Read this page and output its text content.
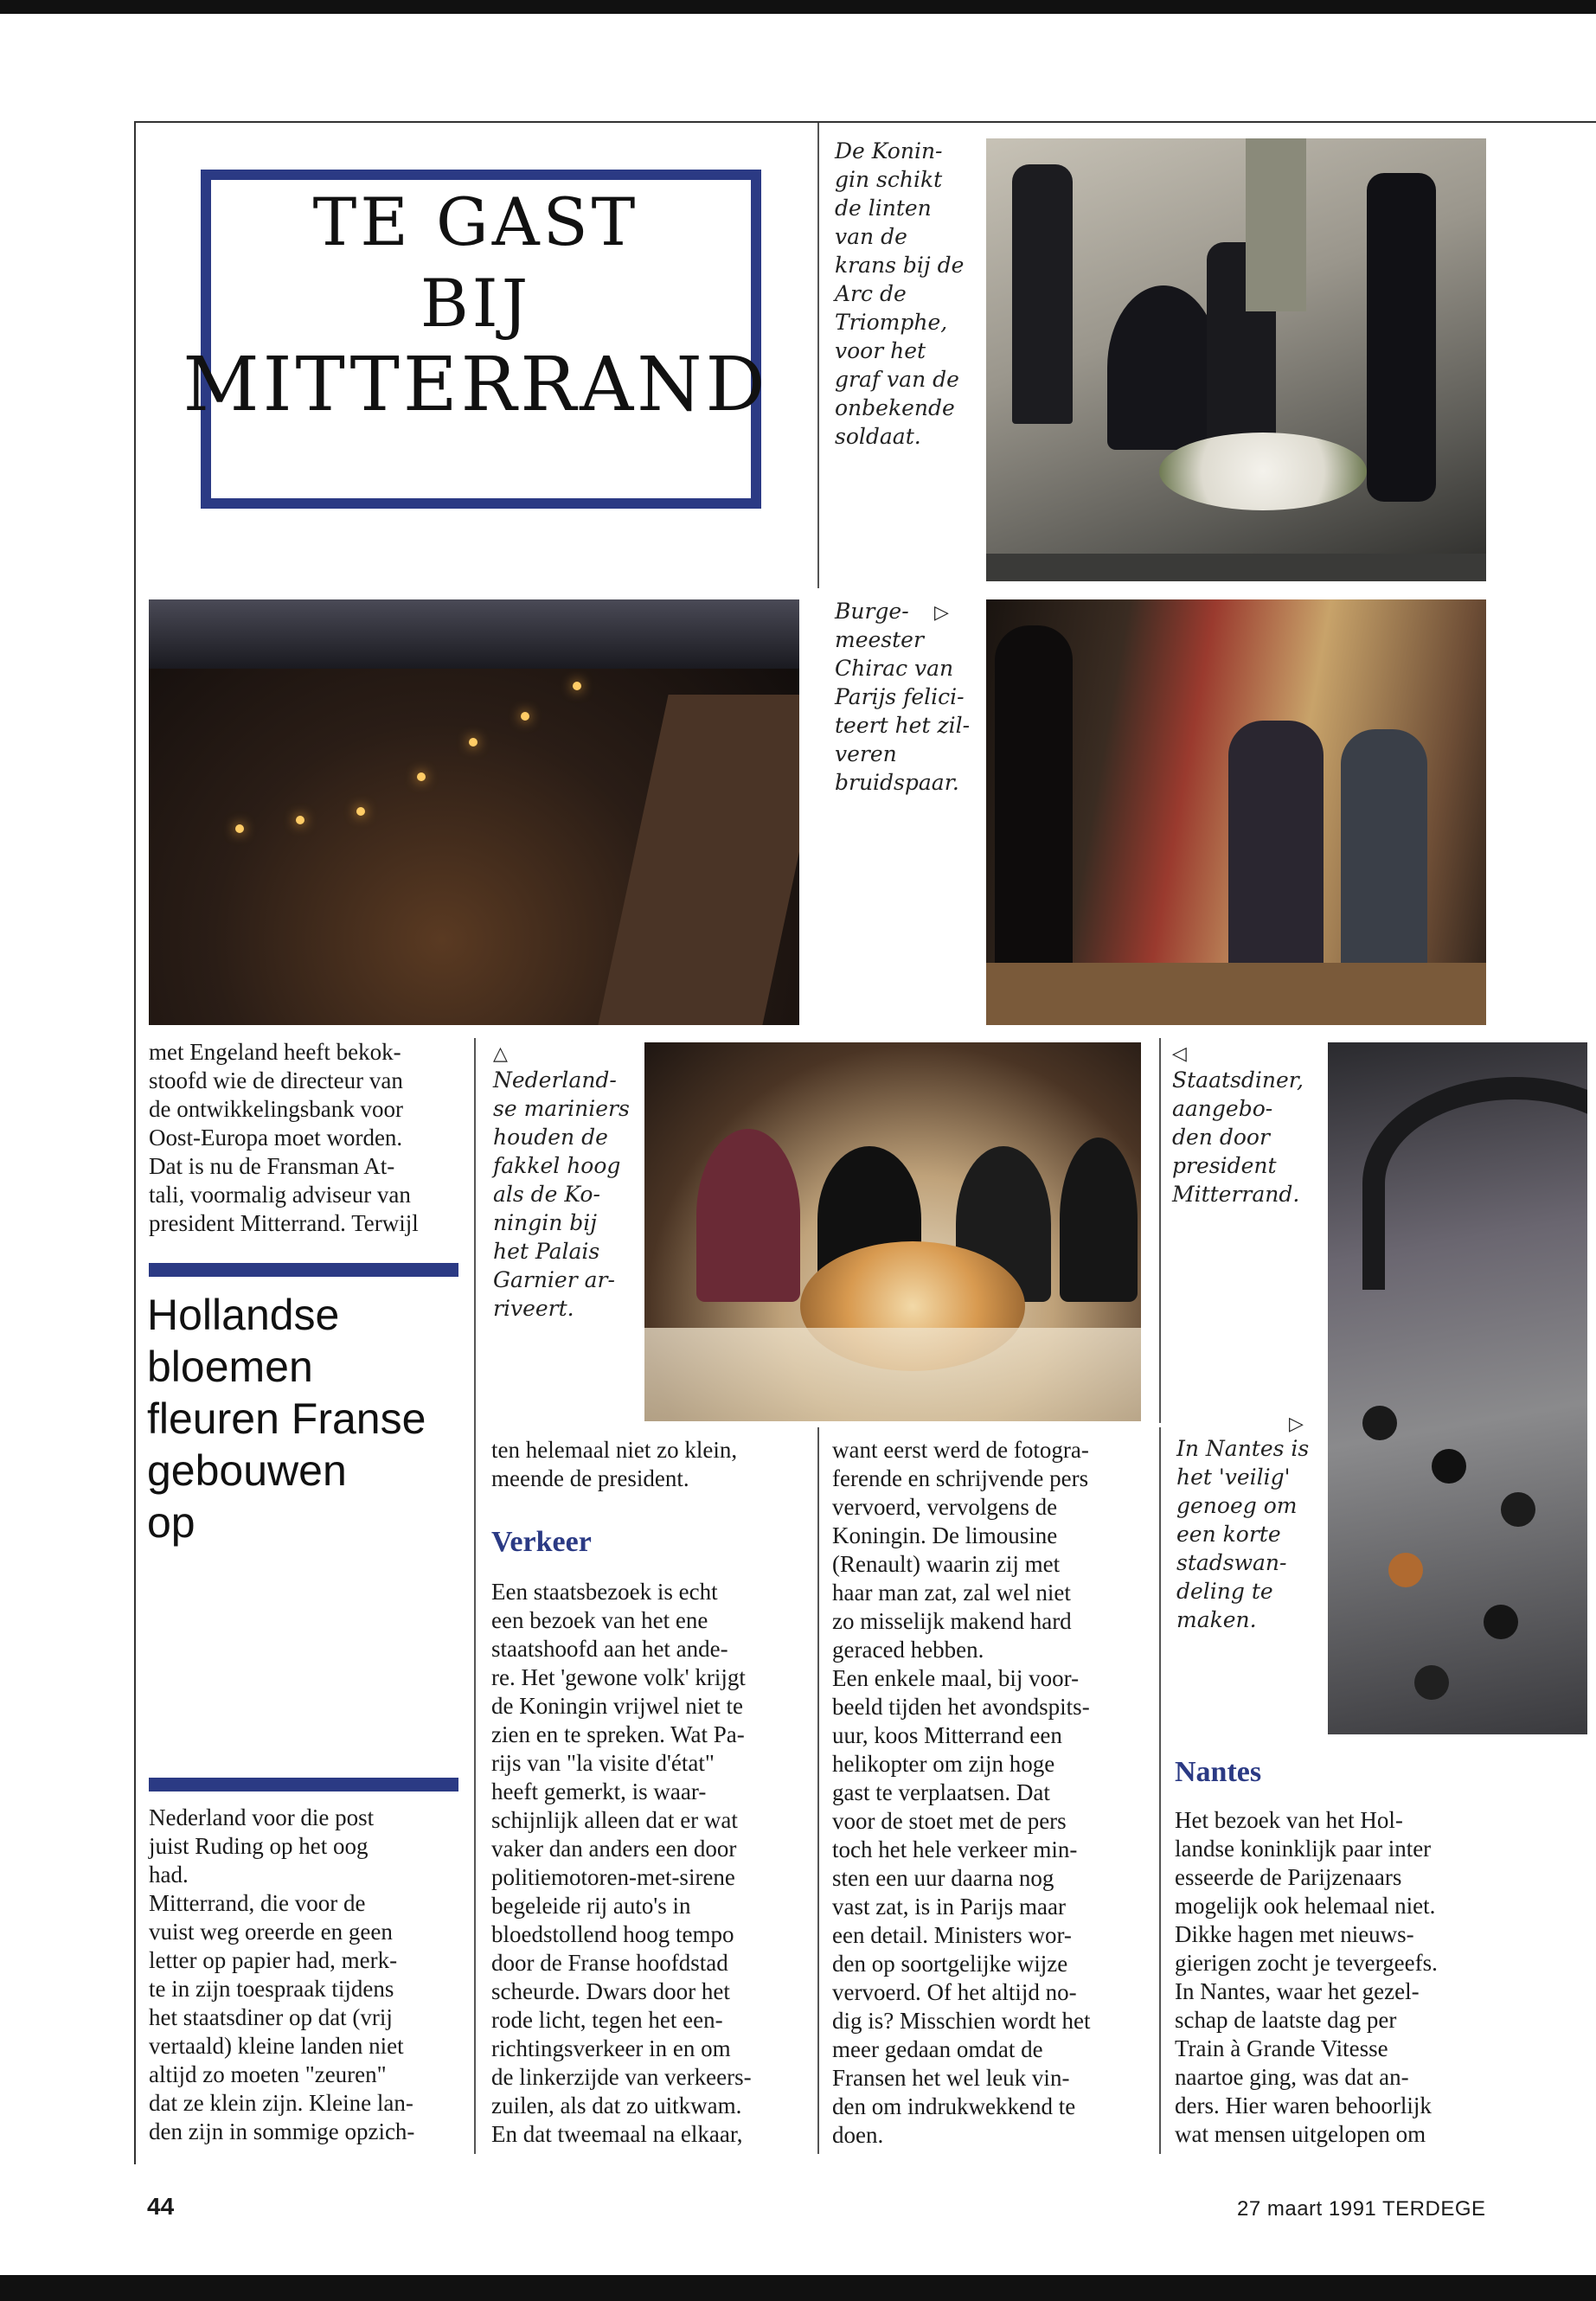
TE GAST
BIJ
MITTERRAND
De Konin-
gin schikt
de linten
van de
krans bij de
Arc de
Triomphe,
voor het
graf van de
onbekende
soldaat.
Burge-
meester
Chirac van
Parijs felici-
teert het zil-
veren
bruidspaar.
▷
met Engeland heeft bekok-
stoofd wie de directeur van
de ontwikkelingsbank voor
Oost-Europa moet worden.
Dat is nu de Fransman At-
tali, voormalig adviseur van
president Mitterrand. Terwijl
Hollandse
bloemen
fleuren Franse
gebouwen
op
Nederland voor die post
juist Ruding op het oog
had.
Mitterrand, die voor de
vuist weg oreerde en geen
letter op papier had, merk-
te in zijn toespraak tijdens
het staatsdiner op dat (vrij
vertaald) kleine landen niet
altijd zo moeten "zeuren"
dat ze klein zijn. Kleine lan-
den zijn in sommige opzich-
△
Nederland-
se mariniers
houden de
fakkel hoog
als de Ko-
ningin bij
het Palais
Garnier ar-
riveert.
◁
Staatsdiner,
aangebo-
den door
president
Mitterrand.
▷
In Nantes is
het 'veilig'
genoeg om
een korte
stadswan-
deling te
maken.
ten helemaal niet zo klein,
meende de president.
Verkeer
Een staatsbezoek is echt
een bezoek van het ene
staatshoofd aan het ande-
re. Het 'gewone volk' krijgt
de Koningin vrijwel niet te
zien en te spreken. Wat Pa-
rijs van "la visite d'état"
heeft gemerkt, is waar-
schijnlijk alleen dat er wat
vaker dan anders een door
politiemotoren-met-sirene
begeleide rij auto's in
bloedstollend hoog tempo
door de Franse hoofdstad
scheurde. Dwars door het
rode licht, tegen het een-
richtingsverkeer in en om
de linkerzijde van verkeers-
zuilen, als dat zo uitkwam.
En dat tweemaal na elkaar,
want eerst werd de fotogra-
ferende en schrijvende pers
vervoerd, vervolgens de
Koningin. De limousine
(Renault) waarin zij met
haar man zat, zal wel niet
zo misselijk makend hard
geraced hebben.
Een enkele maal, bij voor-
beeld tijden het avondspits-
uur, koos Mitterrand een
helikopter om zijn hoge
gast te verplaatsen. Dat
voor de stoet met de pers
toch het hele verkeer min-
sten een uur daarna nog
vast zat, is in Parijs maar
een detail. Ministers wor-
den op soortgelijke wijze
vervoerd. Of het altijd no-
dig is? Misschien wordt het
meer gedaan omdat de
Fransen het wel leuk vin-
den om indrukwekkend te
doen.
Nantes
Het bezoek van het Hol-
landse koninklijk paar inter
esseerde de Parijzenaars
mogelijk ook helemaal niet.
Dikke hagen met nieuws-
gierigen zocht je tevergeefs.
In Nantes, waar het gezel-
schap de laatste dag per
Train à Grande Vitesse
naartoe ging, was dat an-
ders. Hier waren behoorlijk
wat mensen uitgelopen om
44	27 maart 1991 TERDEGE
